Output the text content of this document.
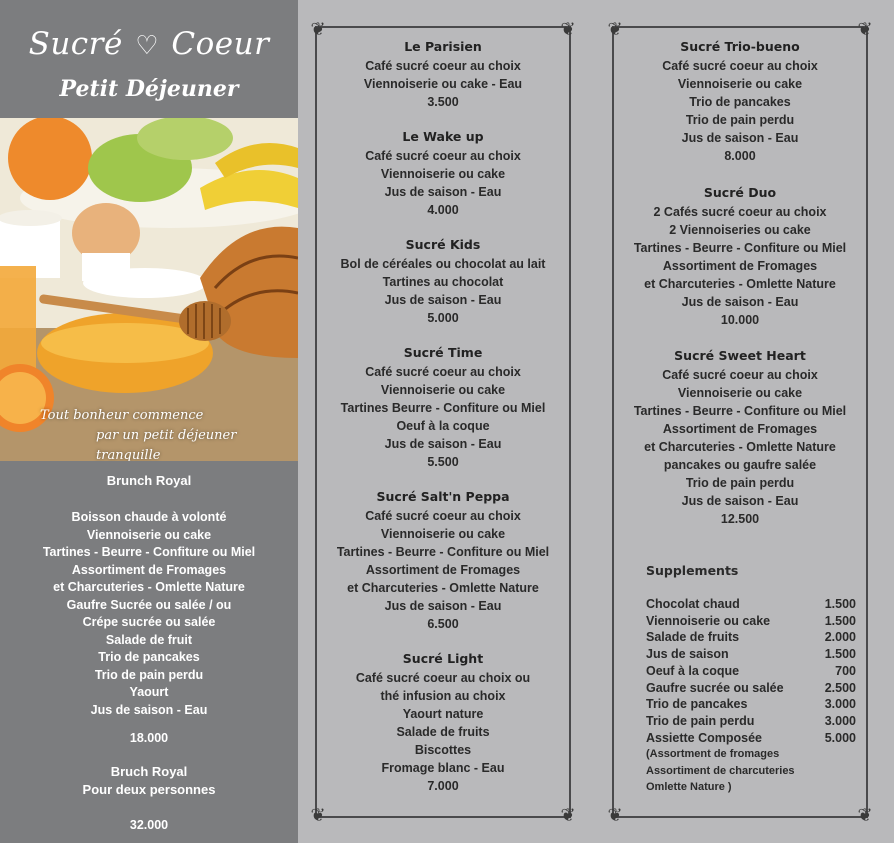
Sucré ♡ Coeur
Petit Déjeuner
Tout bonheur commence
par un petit déjeuner tranquille
Brunch Royal
Boisson chaude à volonté
Viennoiserie ou cake
Tartines - Beurre - Confiture ou Miel
Assortiment de Fromages
et Charcuteries - Omlette Nature
Gaufre Sucrée ou salée / ou
Crépe sucrée ou salée
Salade de fruit
Trio de pancakes
Trio de pain perdu
Yaourt
Jus de saison - Eau
18.000
Bruch Royal
Pour deux personnes
32.000
❦	❦
❦	❦
Le Parisien
Café sucré coeur au choix
Viennoiserie ou cake - Eau
3.500
Le Wake up
Café sucré coeur au choix
Viennoiserie ou cake
Jus de saison - Eau
4.000
Sucré Kids
Bol de céréales ou chocolat au lait
Tartines au chocolat
Jus de saison - Eau
5.000
Sucré Time
Café sucré coeur au choix
Viennoiserie ou cake
Tartines Beurre - Confiture ou Miel
Oeuf à la coque
Jus de saison - Eau
5.500
Sucré Salt'n Peppa
Café sucré coeur au choix
Viennoiserie ou cake
Tartines - Beurre - Confiture ou Miel
Assortiment de Fromages
et Charcuteries - Omlette Nature
Jus de saison - Eau
6.500
Sucré Light
Café sucré coeur au choix ou
thé infusion au choix
Yaourt nature
Salade de fruits
Biscottes
Fromage blanc - Eau
7.000
❦	❦
❦	❦
Sucré Trio-bueno
Café sucré coeur au choix
Viennoiserie ou cake
Trio de pancakes
Trio de pain perdu
Jus de saison - Eau
8.000
Sucré Duo
2 Cafés sucré coeur au choix
2 Viennoiseries ou cake
Tartines - Beurre - Confiture ou Miel
Assortiment de Fromages
et Charcuteries - Omlette Nature
Jus de saison - Eau
10.000
Sucré Sweet Heart
Café sucré coeur au choix
Viennoiserie ou cake
Tartines - Beurre - Confiture ou Miel
Assortiment de Fromages
et Charcuteries - Omlette Nature
pancakes ou gaufre salée
Trio de pain perdu
Jus de saison - Eau
12.500
Supplements
Chocolat chaud	1.500
Viennoiserie ou cake	1.500
Salade de fruits	2.000
Jus de saison	1.500
Oeuf à la coque	700
Gaufre sucrée ou salée	2.500
Trio de pancakes	3.000
Trio de pain perdu	3.000
Assiette Composée	5.000
(Assortment de fromages
Assortiment de charcuteries
Omlette Nature )
